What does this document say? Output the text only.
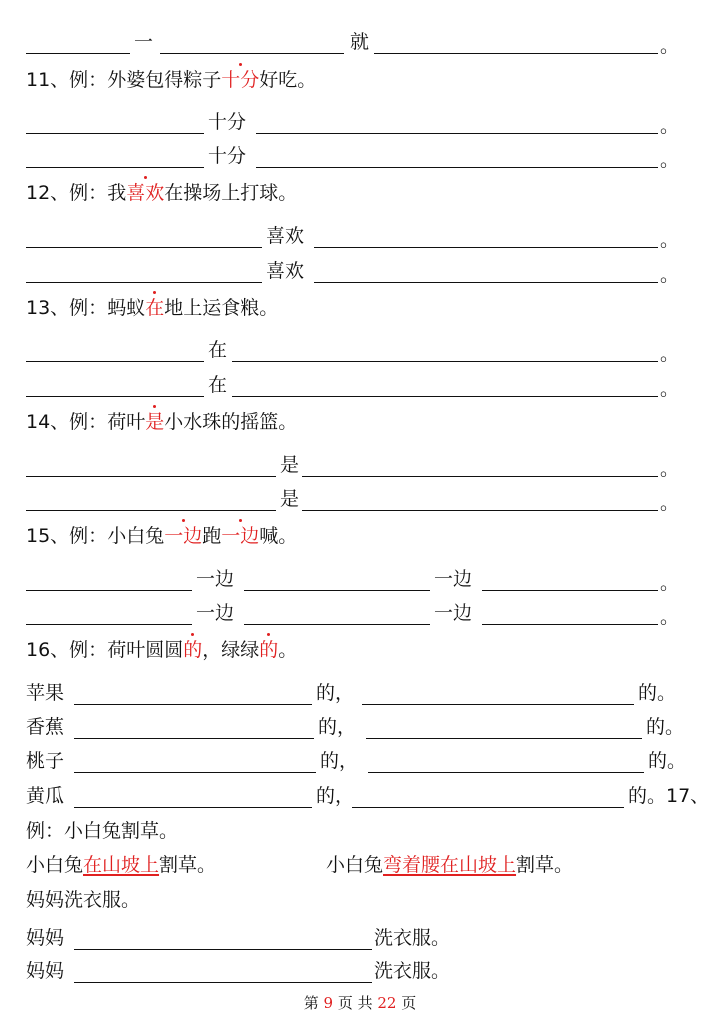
一	就	。
11、例：外婆包得粽子十分好吃。
十分	。
十分	。
12、例：我喜欢在操场上打球。
喜欢	。
喜欢	。
13、例：蚂蚁在地上运食粮。
在	。
在	。
14、例：荷叶是小水珠的摇篮。
是	。
是	。
15、例：小白兔一边跑一边喊。
一边	一边	。
一边	一边	。
16、例：荷叶圆圆的，绿绿的。
苹果	的，	的。
香蕉	的，	的。
桃子	的，	的。
黄瓜	的，	的。17、
例：小白兔割草。
小白兔在山坡上割草。	小白兔弯着腰在山坡上割草。
妈妈洗衣服。
妈妈	洗衣服。
妈妈	洗衣服。
第 9 页 共 22 页
